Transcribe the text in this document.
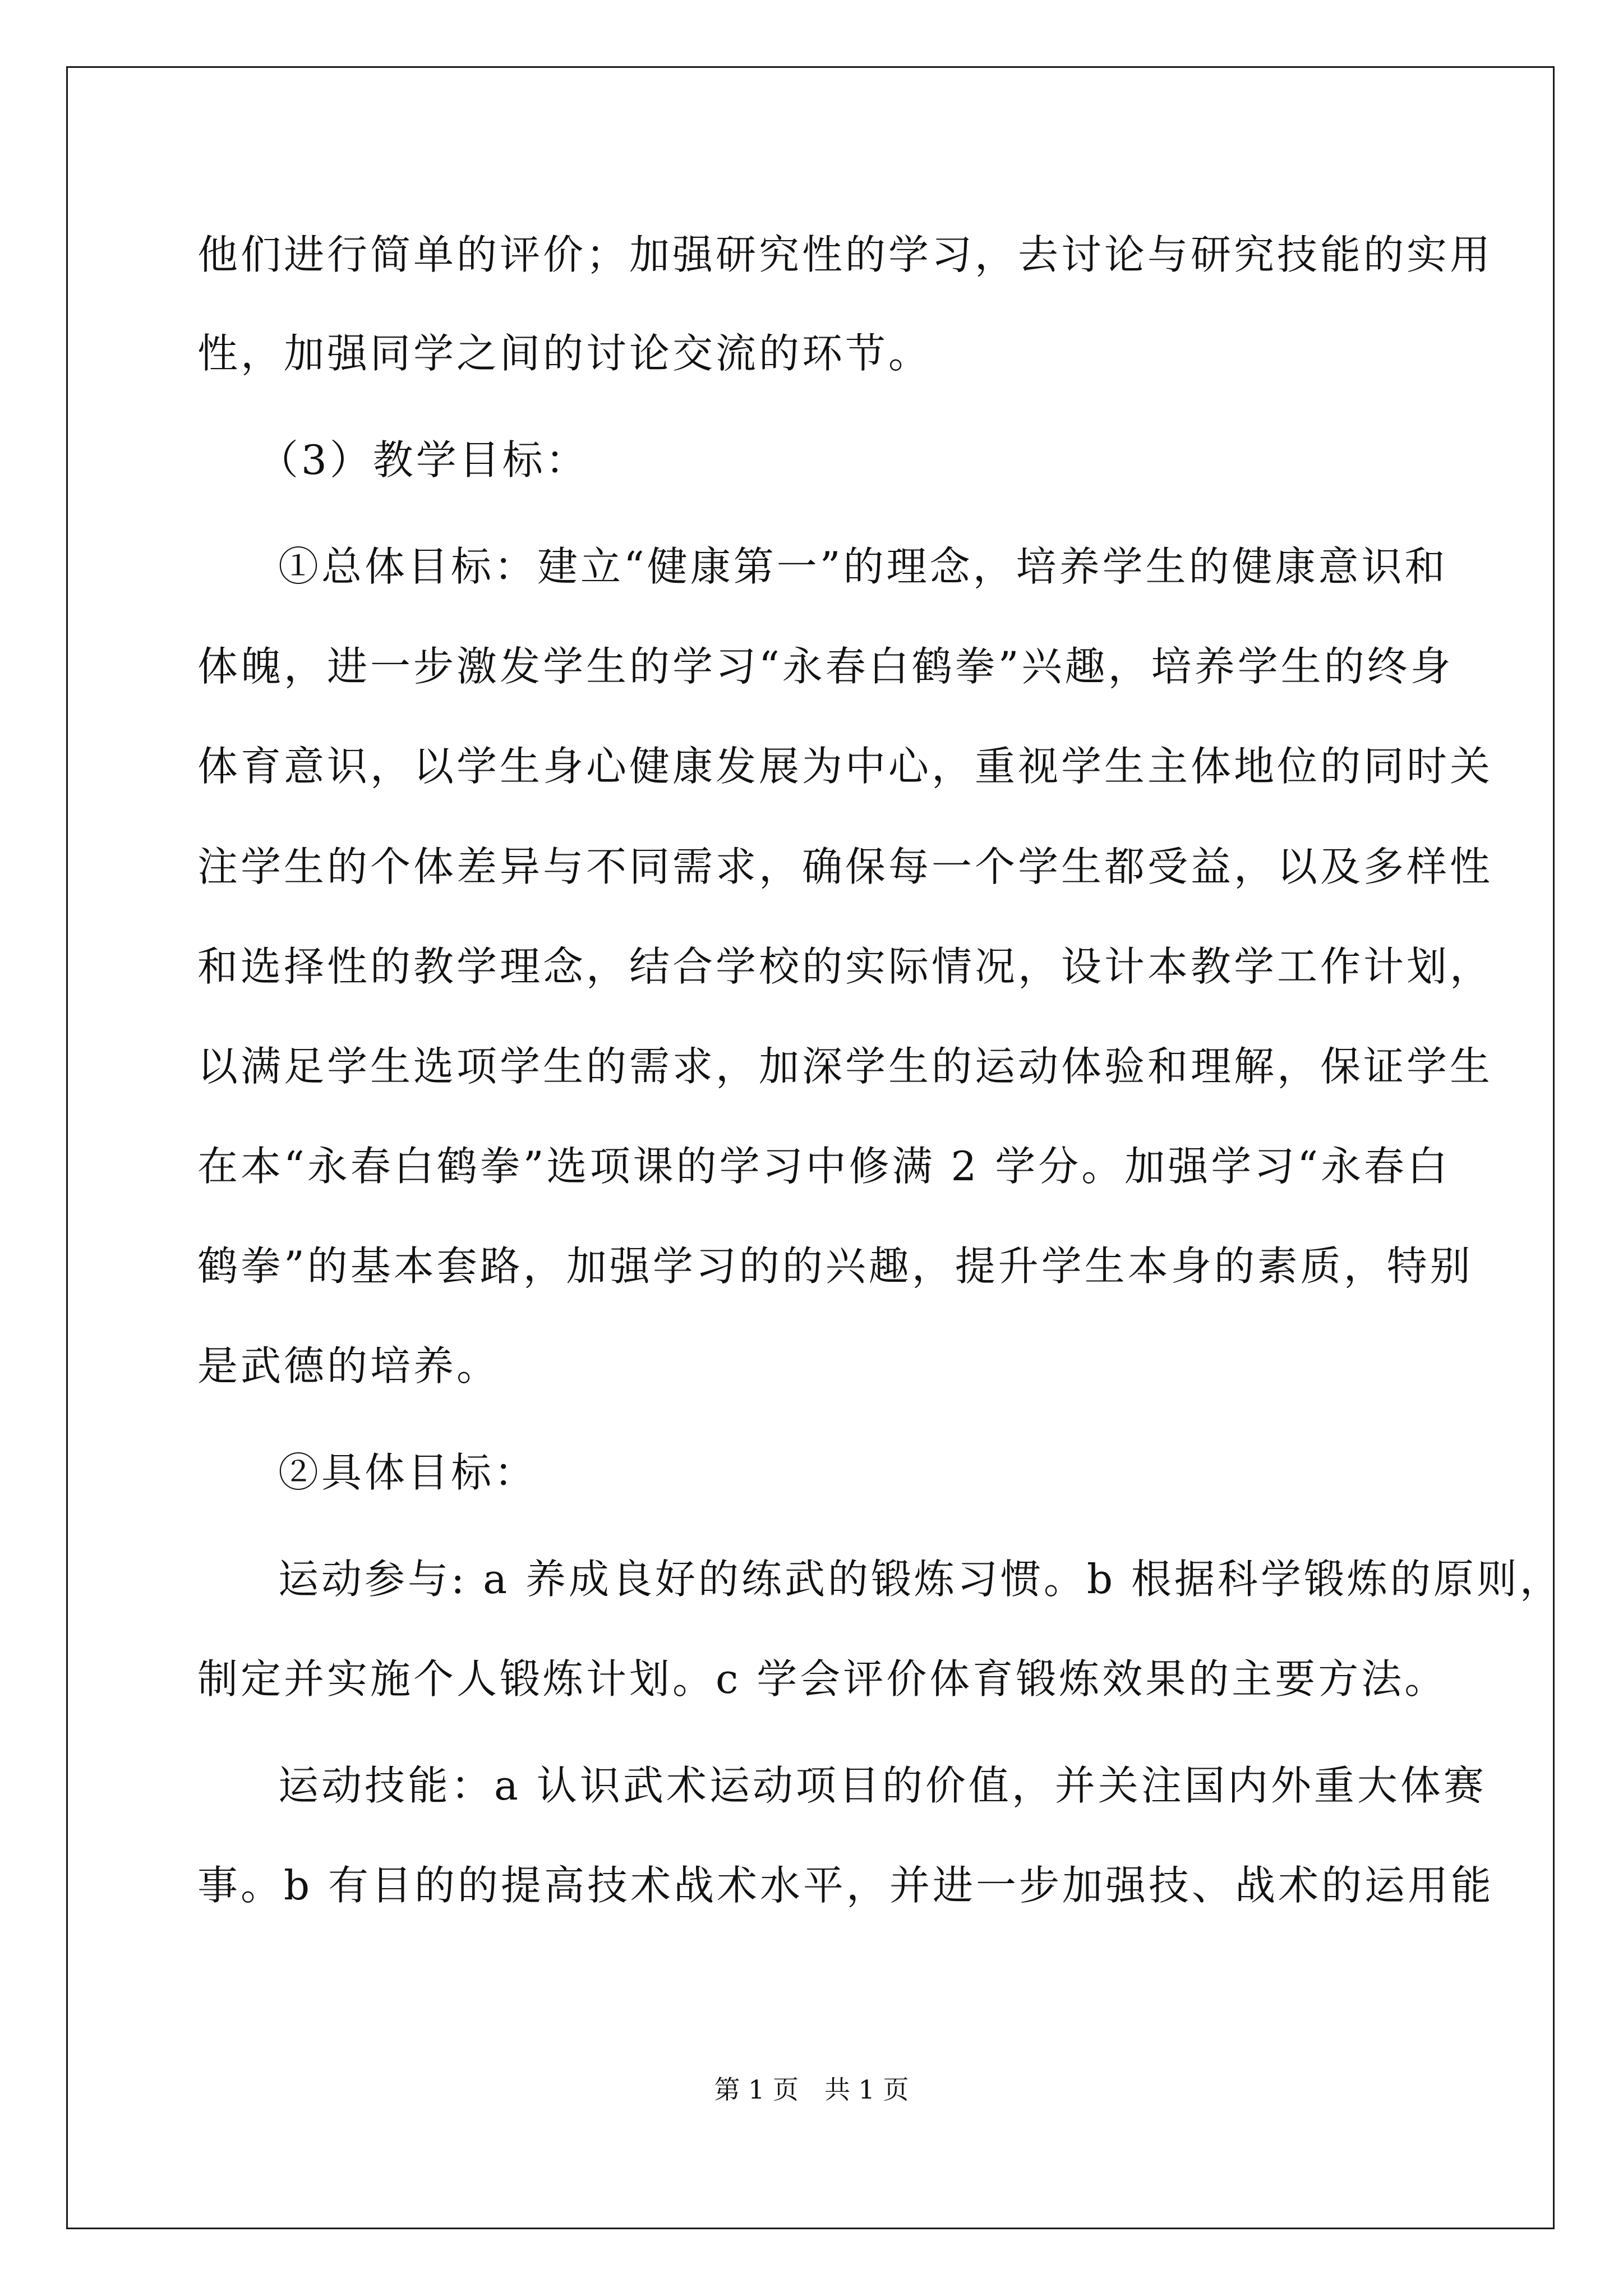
他们进行简单的评价；加强研究性的学习，去讨论与研究技能的实用
性，加强同学之间的讨论交流的环节。
（3）教学目标：
①总体目标：建立“健康第一”的理念，培养学生的健康意识和
体魄，进一步激发学生的学习“永春白鹤拳”兴趣，培养学生的终身
体育意识，以学生身心健康发展为中心，重视学生主体地位的同时关
注学生的个体差异与不同需求，确保每一个学生都受益，以及多样性
和选择性的教学理念，结合学校的实际情况，设计本教学工作计划，
以满足学生选项学生的需求，加深学生的运动体验和理解，保证学生
在本“永春白鹤拳”选项课的学习中修满 2 学分。加强学习“永春白
鹤拳”的基本套路，加强学习的的兴趣，提升学生本身的素质，特别
是武德的培养。
②具体目标：
运动参与: a 养成良好的练武的锻炼习惯。b 根据科学锻炼的原则，
制定并实施个人锻炼计划。c 学会评价体育锻炼效果的主要方法。
运动技能：a 认识武术运动项目的价值，并关注国内外重大体赛
事。b 有目的的提高技术战术水平，并进一步加强技、战术的运用能
第 1 页　共 1 页
